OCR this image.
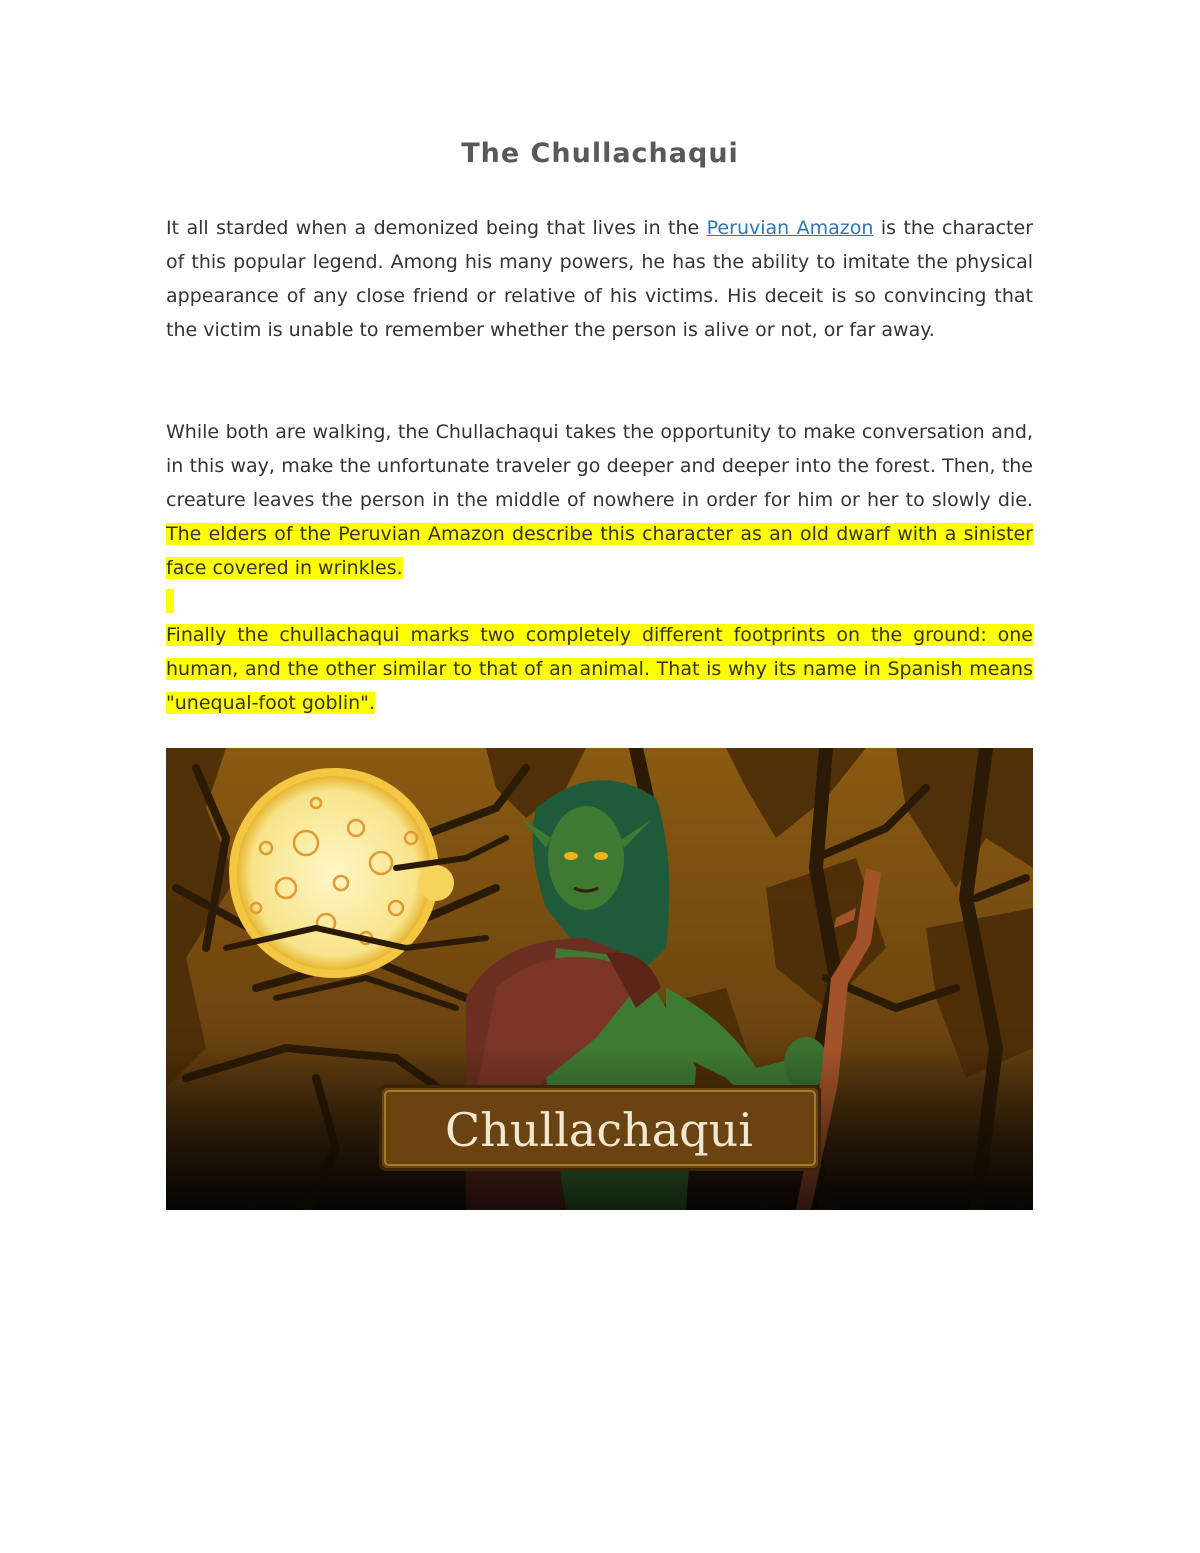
The Chullachaqui

It all starded when a demonized being that lives in the Peruvian Amazon is the character of this popular legend. Among his many powers, he has the ability to imitate the physical appearance of any close friend or relative of his victims. His deceit is so convincing that the victim is unable to remember whether the person is alive or not, or far away.

While both are walking, the Chullachaqui takes the opportunity to make conversation and, in this way, make the unfortunate traveler go deeper and deeper into the forest. Then, the creature leaves the person in the middle of nowhere in order for him or her to slowly die. The elders of the Peruvian Amazon describe this character as an old dwarf with a sinister face covered in wrinkles.

Finally the chullachaqui marks two completely different footprints on the ground: one human, and the other similar to that of an animal. That is why its name in Spanish means "unequal-foot goblin".

Chullachaqui
